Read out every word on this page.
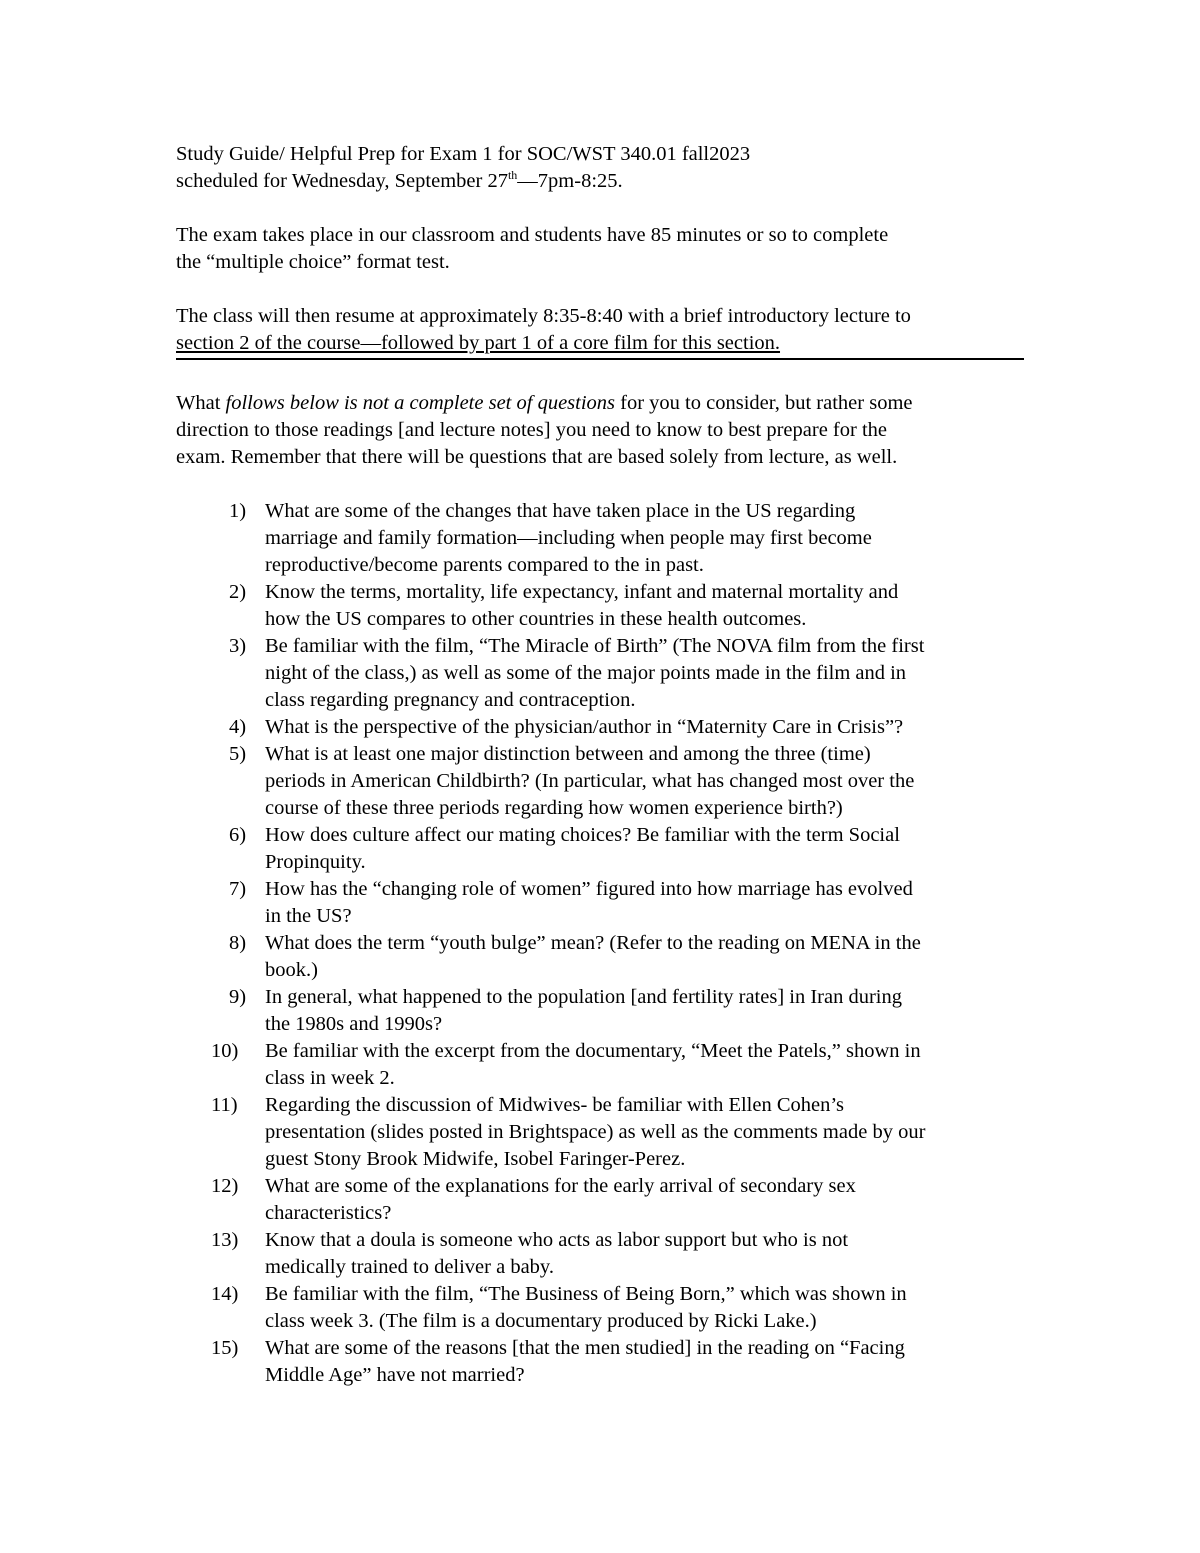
Study Guide/ Helpful Prep for Exam 1 for SOC/WST 340.01 fall2023

scheduled for Wednesday, September 27th—7pm-8:25.

The exam takes place in our classroom and students have 85 minutes or so to complete

the “multiple choice” format test.

The class will then resume at approximately 8:35-8:40 with a brief introductory lecture to

section 2 of the course—followed by part 1 of a core film for this section.

What follows below is not a complete set of questions for you to consider, but rather some

direction to those readings [and lecture notes] you need to know to best prepare for the

exam. Remember that there will be questions that are based solely from lecture, as well.

1) What are some of the changes that have taken place in the US regarding
marriage and family formation—including when people may first become
reproductive/become parents compared to the in past.
2) Know the terms, mortality, life expectancy, infant and maternal mortality and
how the US compares to other countries in these health outcomes.
3) Be familiar with the film, “The Miracle of Birth” (The NOVA film from the first
night of the class,) as well as some of the major points made in the film and in
class regarding pregnancy and contraception.
4) What is the perspective of the physician/author in “Maternity Care in Crisis”?
5) What is at least one major distinction between and among the three (time)
periods in American Childbirth? (In particular, what has changed most over the
course of these three periods regarding how women experience birth?)
6) How does culture affect our mating choices? Be familiar with the term Social
Propinquity.
7) How has the “changing role of women” figured into how marriage has evolved
in the US?
8) What does the term “youth bulge” mean? (Refer to the reading on MENA in the
book.)
9) In general, what happened to the population [and fertility rates] in Iran during
the 1980s and 1990s?
10) Be familiar with the excerpt from the documentary, “Meet the Patels,” shown in
class in week 2.
11) Regarding the discussion of Midwives- be familiar with Ellen Cohen’s
presentation (slides posted in Brightspace) as well as the comments made by our
guest Stony Brook Midwife, Isobel Faringer-Perez.
12) What are some of the explanations for the early arrival of secondary sex
characteristics?
13) Know that a doula is someone who acts as labor support but who is not
medically trained to deliver a baby.
14) Be familiar with the film, “The Business of Being Born,” which was shown in
class week 3. (The film is a documentary produced by Ricki Lake.)
15) What are some of the reasons [that the men studied] in the reading on “Facing
Middle Age” have not married?
